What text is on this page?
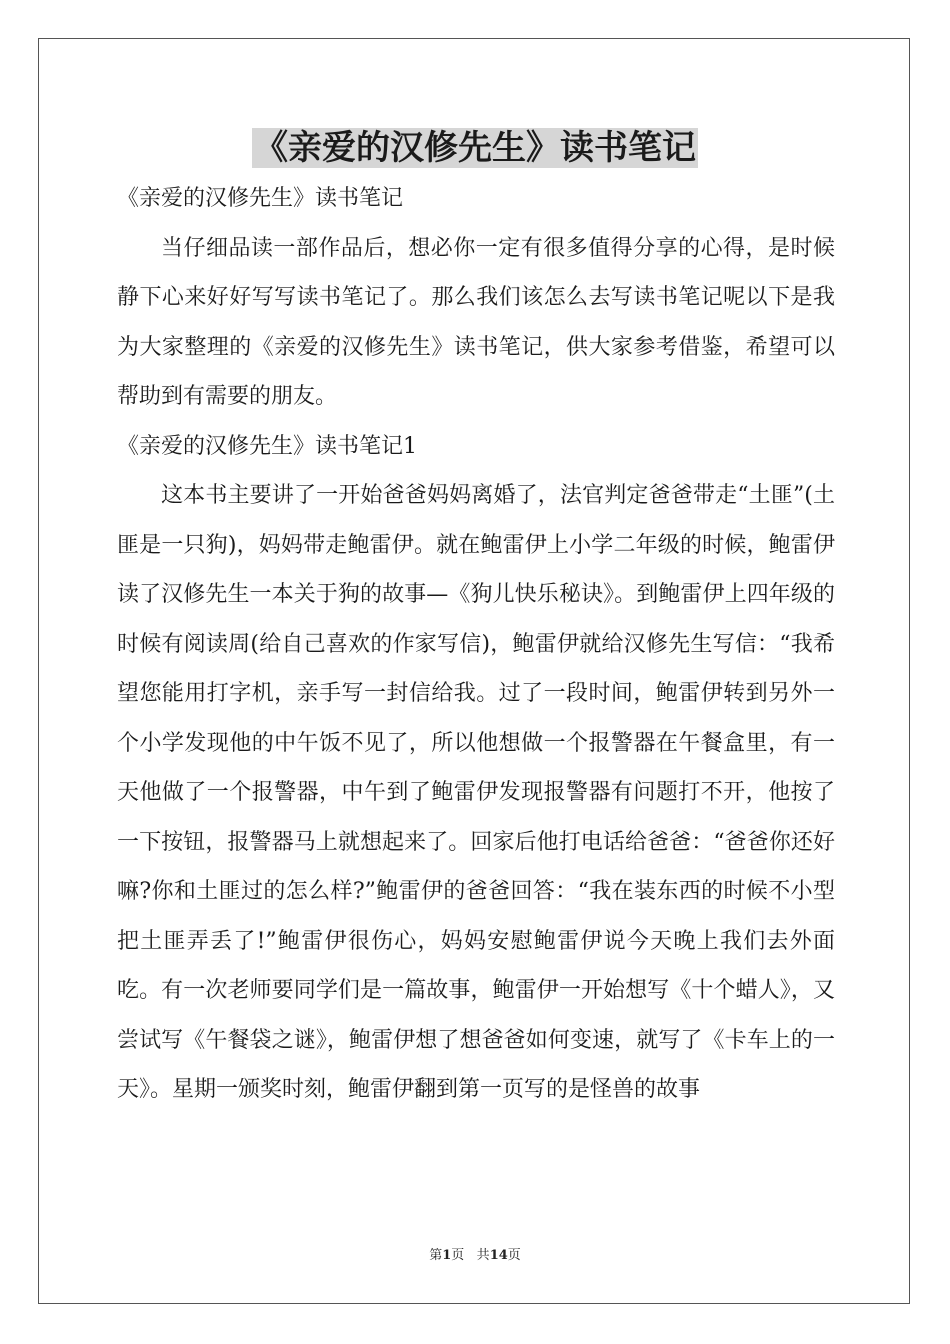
《亲爱的汉修先生》读书笔记

《亲爱的汉修先生》读书笔记

当仔细品读一部作品后，想必你一定有很多值得分享的心得，是时候静下心来好好写写读书笔记了。那么我们该怎么去写读书笔记呢以下是我为大家整理的《亲爱的汉修先生》读书笔记，供大家参考借鉴，希望可以帮助到有需要的朋友。

《亲爱的汉修先生》读书笔记1

这本书主要讲了一开始爸爸妈妈离婚了，法官判定爸爸带走“土匪”(土匪是一只狗)，妈妈带走鲍雷伊。就在鲍雷伊上小学二年级的时候，鲍雷伊读了汉修先生一本关于狗的故事—《狗儿快乐秘诀》。到鲍雷伊上四年级的时候有阅读周(给自己喜欢的作家写信)，鲍雷伊就给汉修先生写信：“我希望您能用打字机，亲手写一封信给我。过了一段时间，鲍雷伊转到另外一个小学发现他的中午饭不见了，所以他想做一个报警器在午餐盒里，有一天他做了一个报警器，中午到了鲍雷伊发现报警器有问题打不开，他按了一下按钮，报警器马上就想起来了。回家后他打电话给爸爸：“爸爸你还好嘛?你和土匪过的怎么样?”鲍雷伊的爸爸回答：“我在装东西的时候不小型把土匪弄丢了!”鲍雷伊很伤心，妈妈安慰鲍雷伊说今天晚上我们去外面吃。有一次老师要同学们是一篇故事，鲍雷伊一开始想写《十个蜡人》，又尝试写《午餐袋之谜》，鲍雷伊想了想爸爸如何变速，就写了《卡车上的一天》。星期一颁奖时刻，鲍雷伊翻到第一页写的是怪兽的故事

第1页 共14页
